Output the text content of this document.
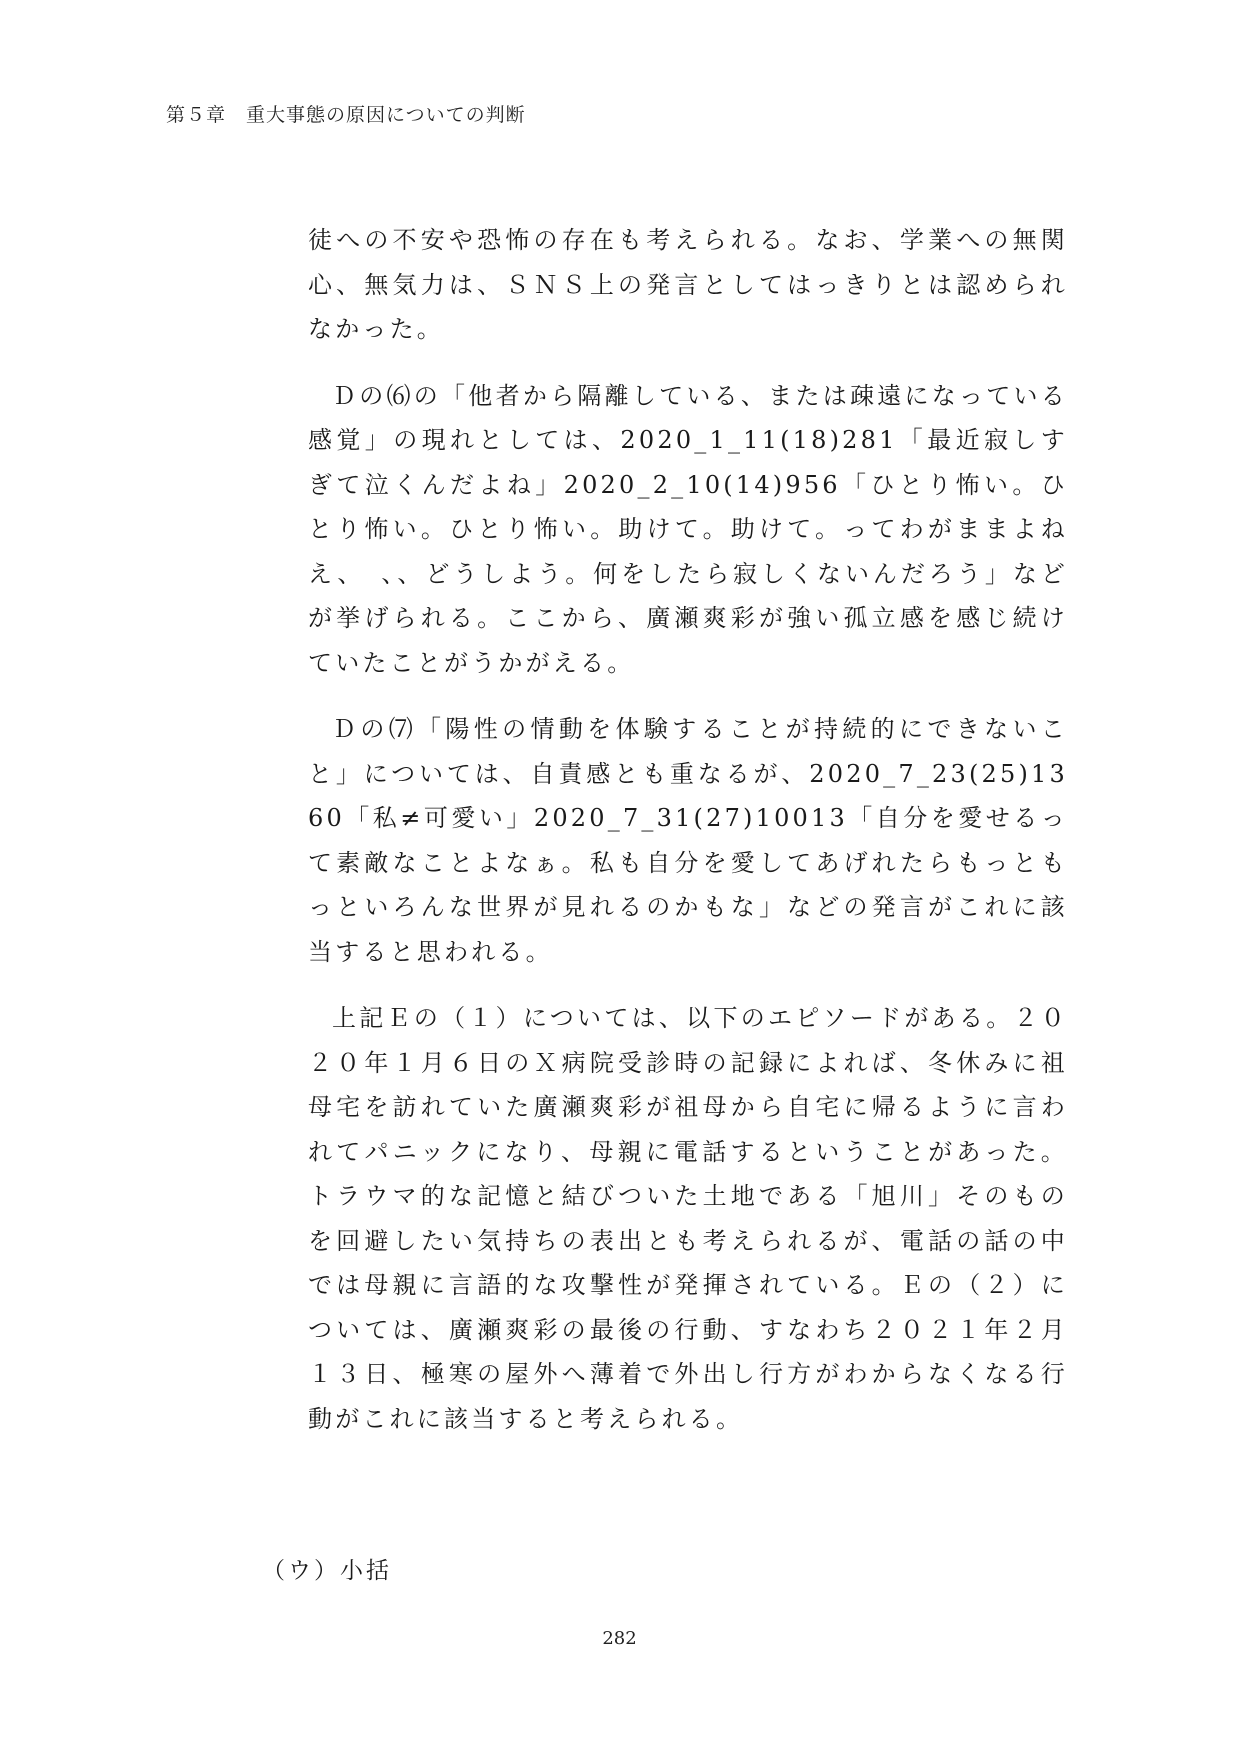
第５章　重大事態の原因についての判断

徒への不安や恐怖の存在も考えられる。なお、学業への無関心、無気力は、ＳＮＳ上の発言としてはっきりとは認められなかった。

Ｄの⑹の「他者から隔離している、または疎遠になっている感覚」の現れとしては、2020_1_11(18)281「最近寂しすぎて泣くんだよね」2020_2_10(14)956「ひとり怖い。ひとり怖い。ひとり怖い。助けて。助けて。ってわがままよねえ、　、、どうしよう。何をしたら寂しくないんだろう」などが挙げられる。ここから、廣瀬爽彩が強い孤立感を感じ続けていたことがうかがえる。

Ｄの⑺「陽性の情動を体験することが持続的にできないこと」については、自責感とも重なるが、2020_7_23(25)1360「私≠可愛い」2020_7_31(27)10013「自分を愛せるって素敵なことよなぁ。私も自分を愛してあげれたらもっともっといろんな世界が見れるのかもな」などの発言がこれに該当すると思われる。

上記Ｅの（１）については、以下のエピソードがある。２０２０年１月６日のＸ病院受診時の記録によれば、冬休みに祖母宅を訪れていた廣瀬爽彩が祖母から自宅に帰るように言われてパニックになり、母親に電話するということがあった。トラウマ的な記憶と結びついた土地である「旭川」そのものを回避したい気持ちの表出とも考えられるが、電話の話の中では母親に言語的な攻撃性が発揮されている。Ｅの（２）については、廣瀬爽彩の最後の行動、すなわち２０２１年２月１３日、極寒の屋外へ薄着で外出し行方がわからなくなる行動がこれに該当すると考えられる。

（ウ）小括
282
